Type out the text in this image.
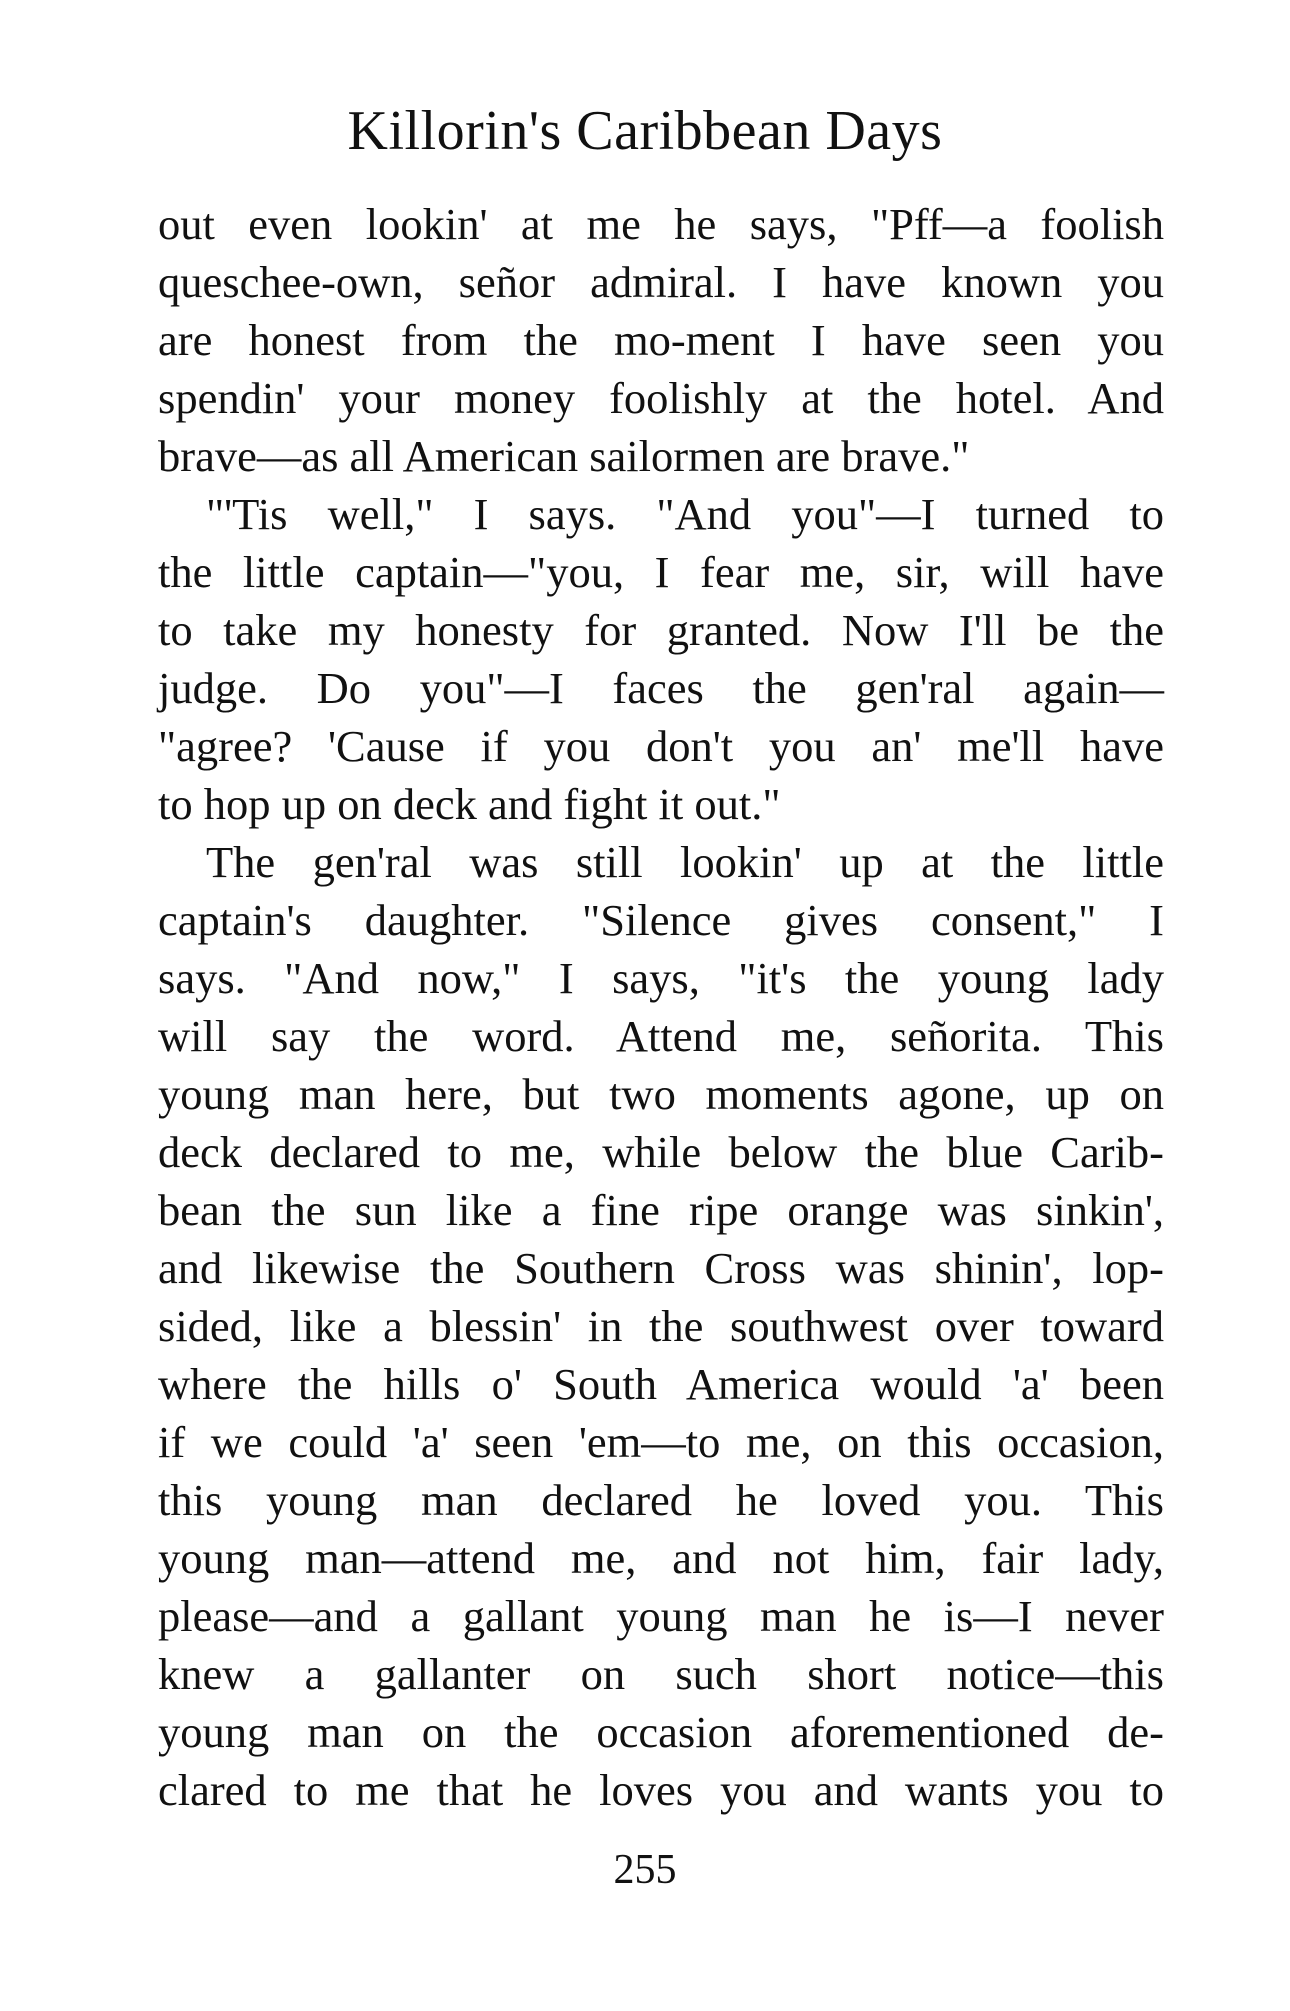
Killorin's Caribbean Days
out even lookin' at me he says, "Pff—a foolish
queschee-own, señor admiral. I have known you
are honest from the mo-ment I have seen you
spendin' your money foolishly at the hotel. And
brave—as all American sailormen are brave."
"'Tis well," I says. "And you"—I turned to
the little captain—"you, I fear me, sir, will have
to take my honesty for granted. Now I'll be the
judge. Do you"—I faces the gen'ral again—
"agree? 'Cause if you don't you an' me'll have
to hop up on deck and fight it out."
The gen'ral was still lookin' up at the little
captain's daughter. "Silence gives consent," I
says. "And now," I says, "it's the young lady
will say the word. Attend me, señorita. This
young man here, but two moments agone, up on
deck declared to me, while below the blue Carib-
bean the sun like a fine ripe orange was sinkin',
and likewise the Southern Cross was shinin', lop-
sided, like a blessin' in the southwest over toward
where the hills o' South America would 'a' been
if we could 'a' seen 'em—to me, on this occasion,
this young man declared he loved you. This
young man—attend me, and not him, fair lady,
please—and a gallant young man he is—I never
knew a gallanter on such short notice—this
young man on the occasion aforementioned de-
clared to me that he loves you and wants you to
255
